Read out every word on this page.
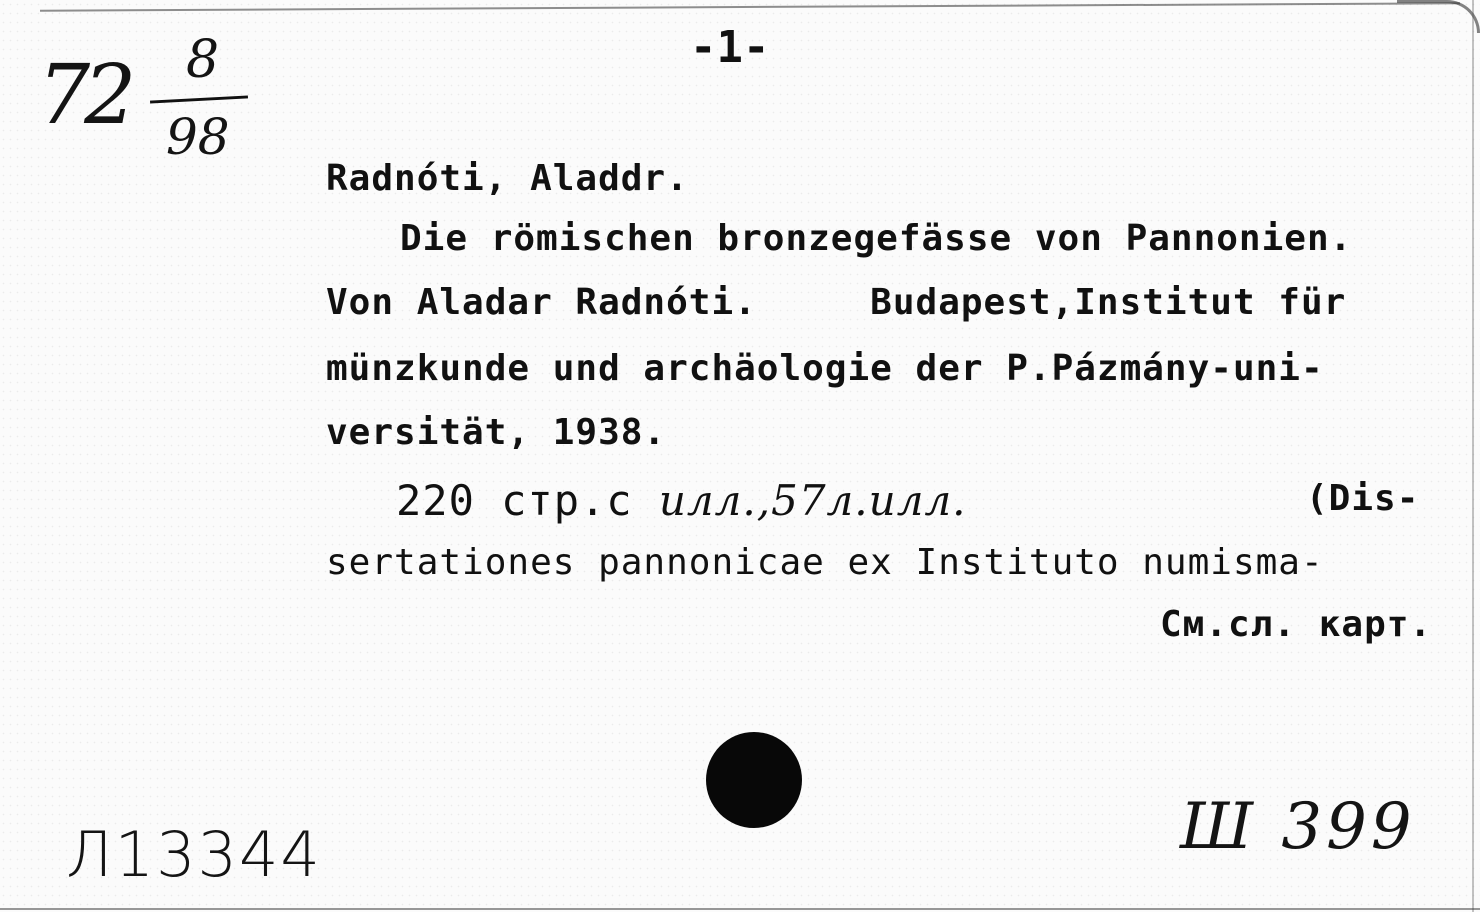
72 8
98
-1-
Radnóti, Aladdr.
Die römischen bronzegefässe von Pannonien.
Von Aladar Radnóti.     Budapest,Institut für
münzkunde und archäologie der P.Pázmány-uni-
versität, 1938.
220 стр.с илл.,57л.илл.	(Dis-
sertationes pannonicae ex Instituto numisma-
См.сл. карт.
Л13344	Ш 399
